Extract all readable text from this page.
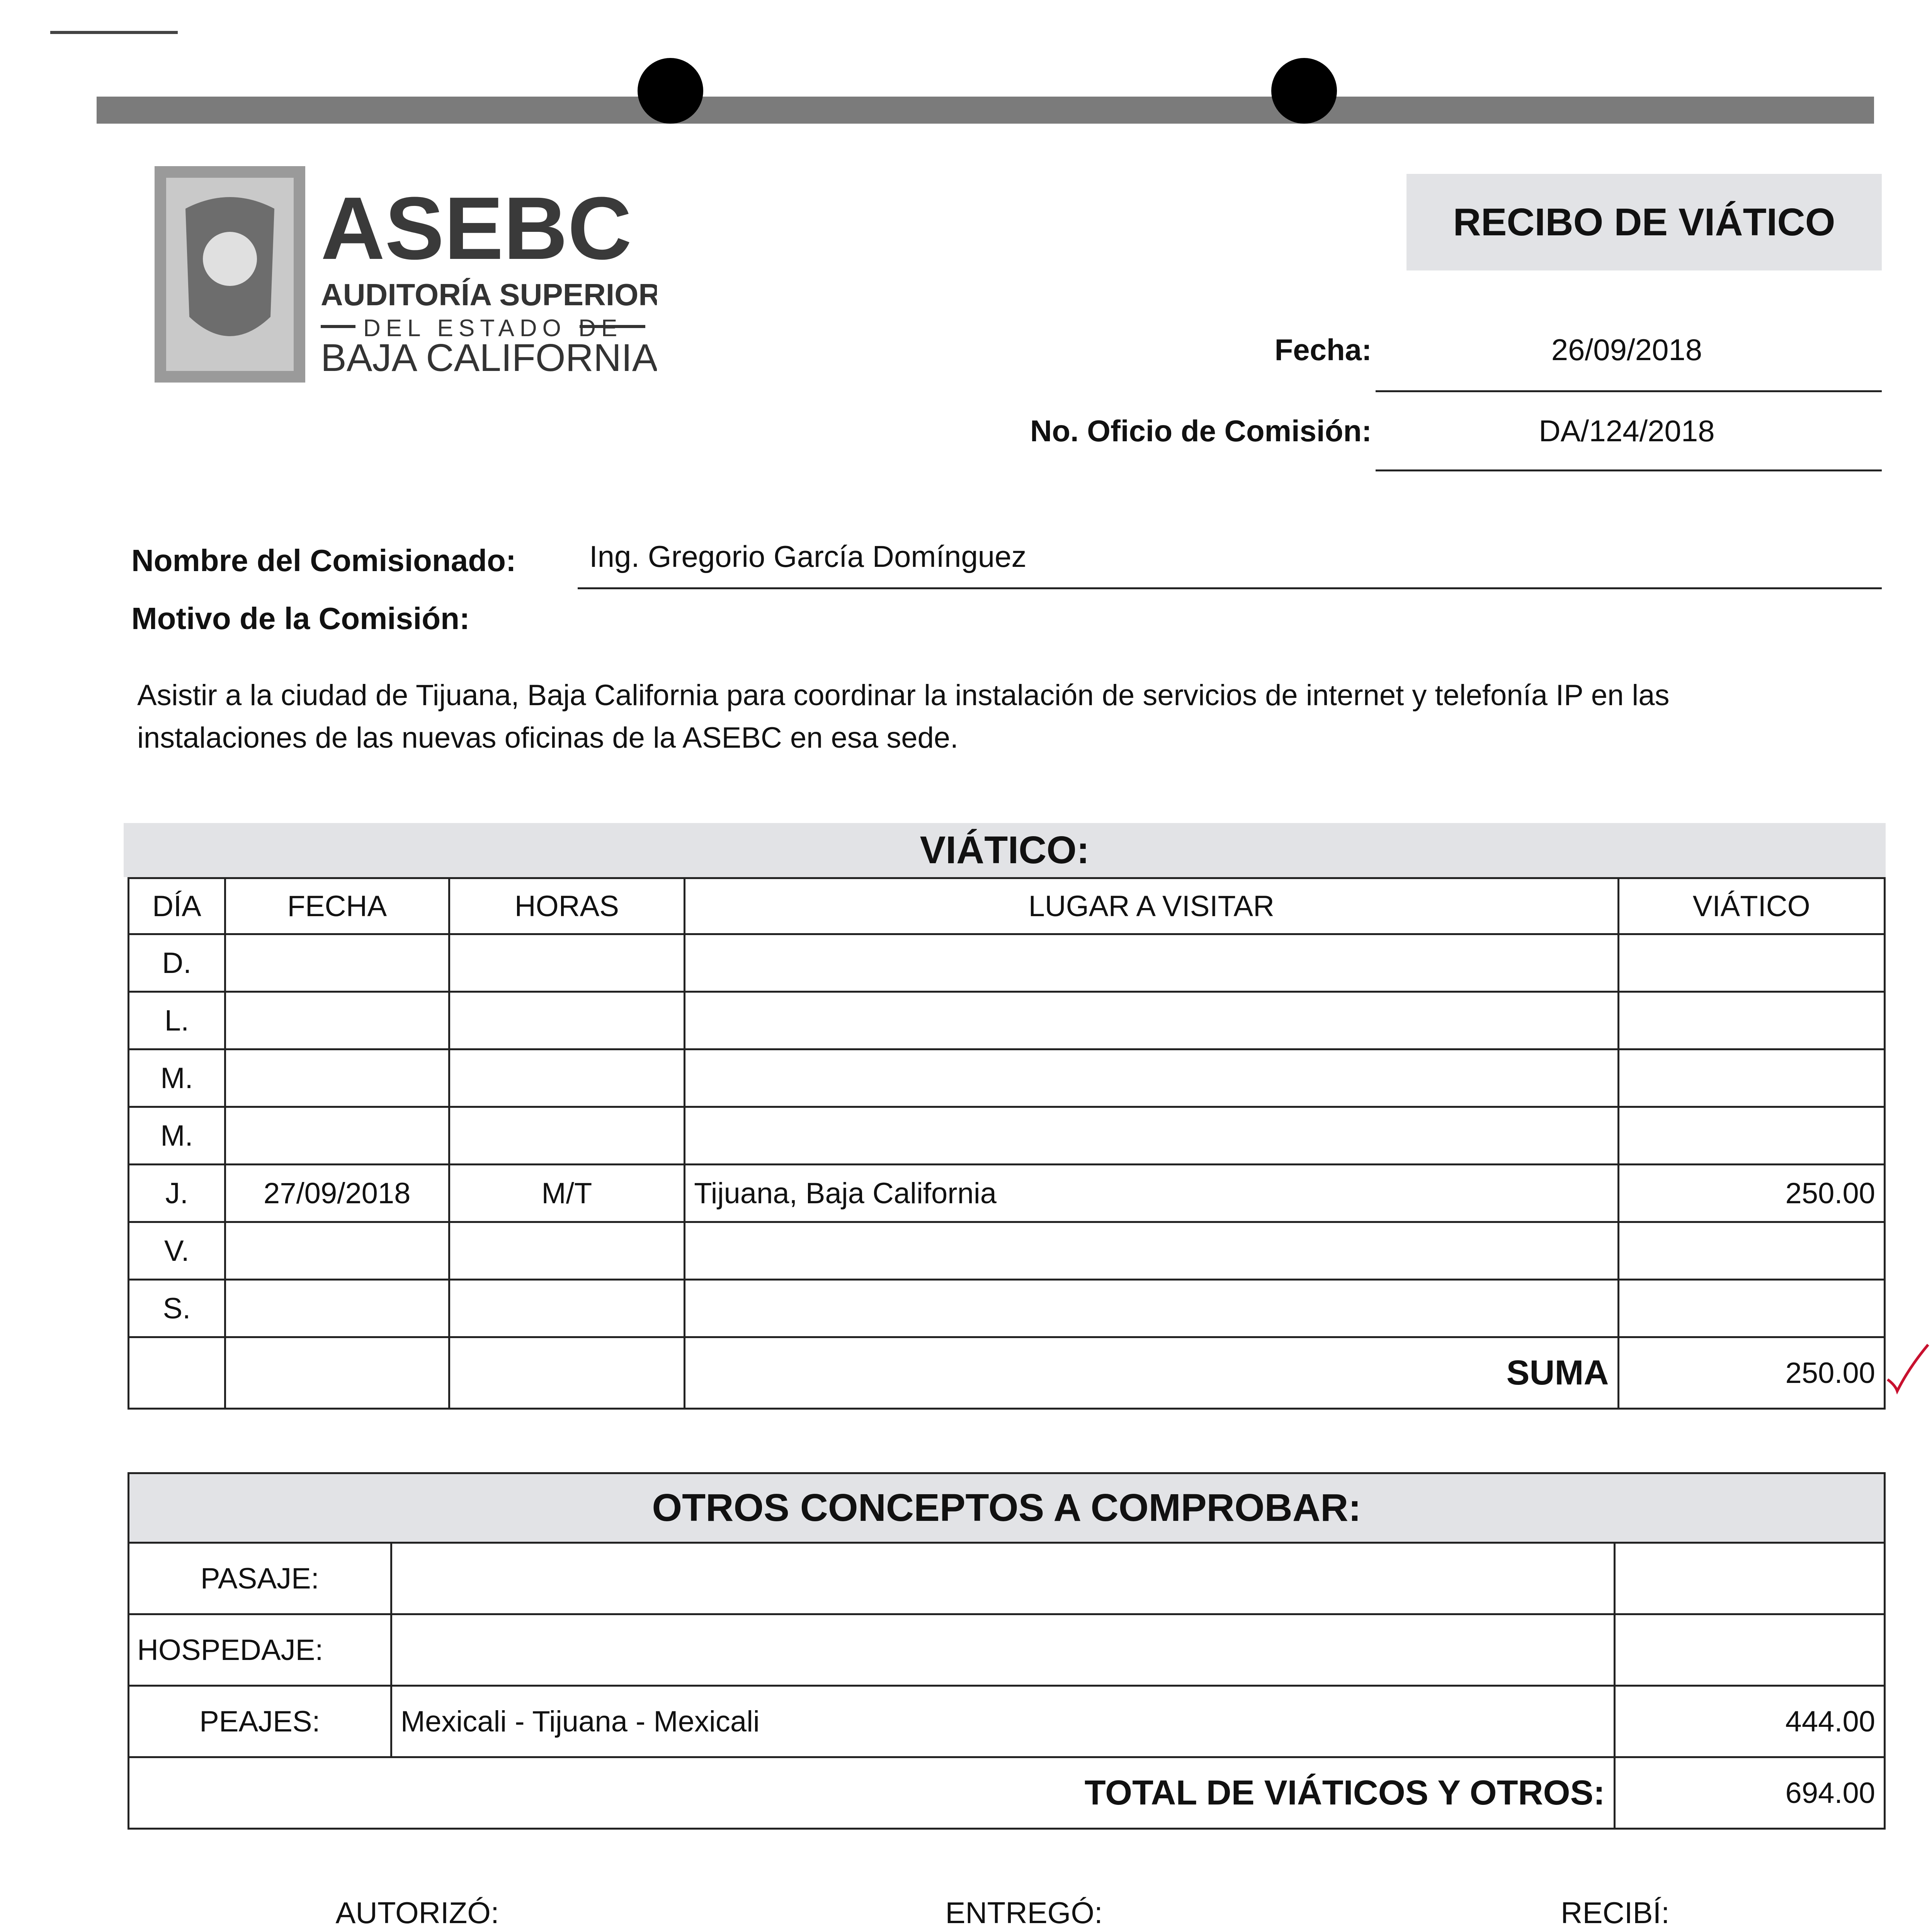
ASEBC
AUDITORÍA SUPERIOR
DEL ESTADO DE
BAJA CALIFORNIA
RECIBO DE VIÁTICO
Fecha:	26/09/2018
No. Oficio de Comisión:	DA/124/2018
Nombre del Comisionado: Ing. Gregorio García Domínguez
Motivo de la Comisión:
Asistir a la ciudad de Tijuana, Baja California para coordinar la instalación de servicios de internet y telefonía IP en las
instalaciones de las nuevas oficinas de la ASEBC en esa sede.
VIÁTICO:
DÍA	FECHA	HORAS	LUGAR A VISITAR	VIÁTICO
D.				
L.				
M.				
M.				
J.	27/09/2018	M/T	Tijuana, Baja California	250.00
V.				
S.				
			SUMA	250.00
OTROS CONCEPTOS A COMPROBAR:		
PASAJE:		
HOSPEDAJE:		
PEAJES:	Mexicali - Tijuana - Mexicali	444.00
TOTAL DE VIÁTICOS Y OTROS:		694.00
AUTORIZÓ:	ENTREGÓ:	RECIBÍ:
